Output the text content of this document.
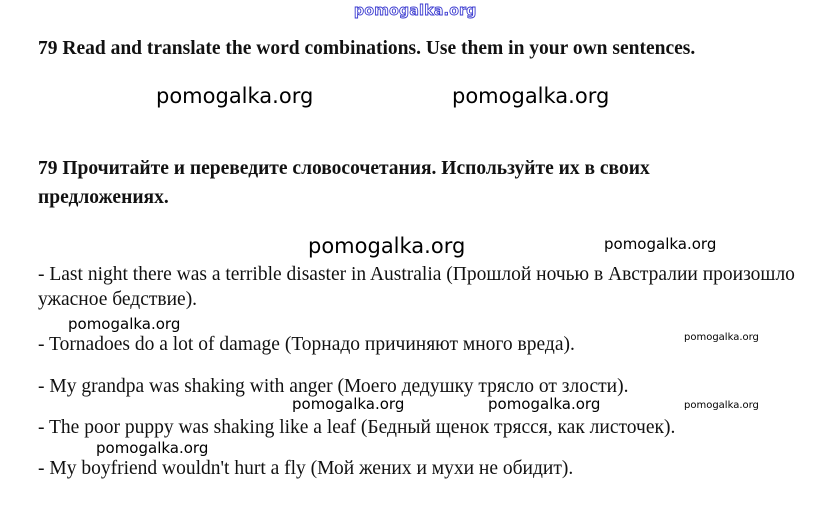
pomogalka.org

79 Read and translate the word combinations. Use them in your own sentences.

pomogalka.org	pomogalka.org

79 Прочитайте и переведите словосочетания. Используйте их в своих предложениях.

pomogalka.org	pomogalka.org
- Last night there was a terrible disaster in Australia (Прошлой ночью в Австралии произошло ужасное бедствие).
- Tornadoes do a lot of damage (Торнадо причиняют много вреда).
- My grandpa was shaking with anger (Моего дедушку трясло от злости).
- The poor puppy was shaking like a leaf (Бедный щенок трясся, как листочек).
- My boyfriend wouldn't hurt a fly (Мой жених и мухи не обидит).
pomogalka.org
pomogalka.org
pomogalka.org	pomogalka.org	pomogalka.org
pomogalka.org
